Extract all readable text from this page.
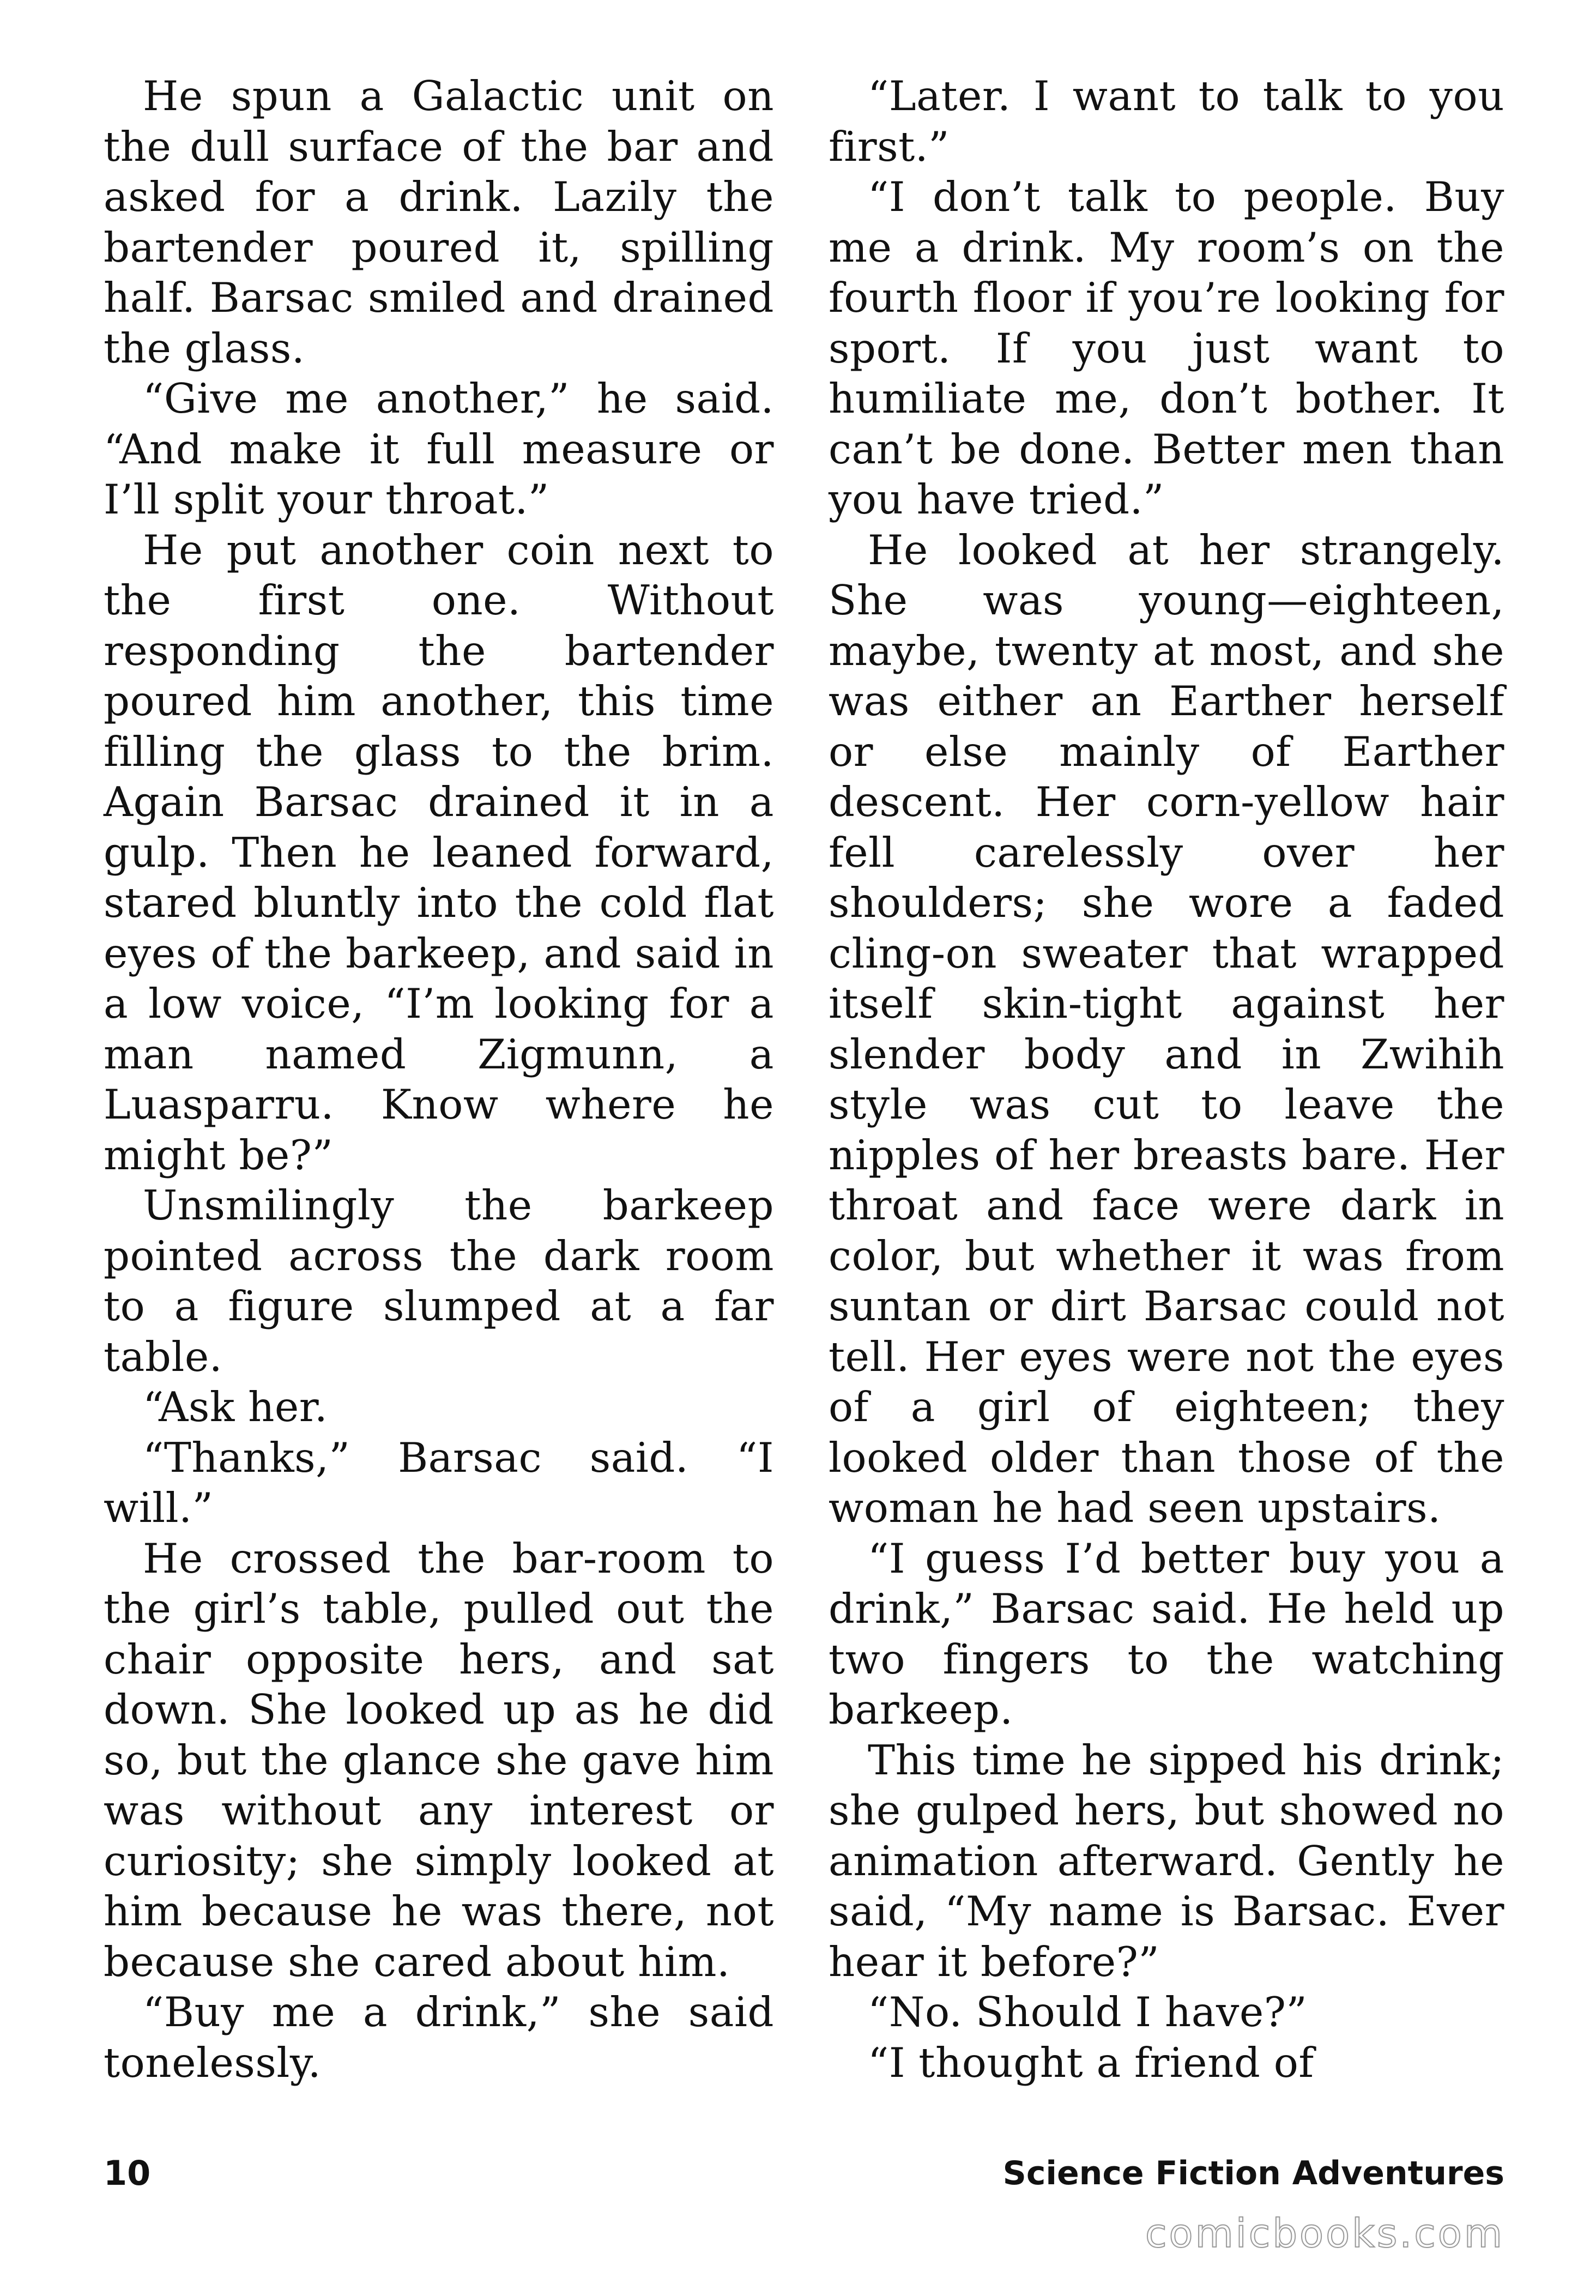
He spun a Galactic unit on the dull surface of the bar and asked for a drink. Lazily the bartender poured it, spilling half. Barsac smiled and drained the glass.

“Give me another,” he said. “And make it full measure or I’ll split your throat.”

He put another coin next to the first one. Without responding the bartender poured him another, this time filling the glass to the brim. Again Barsac drained it in a gulp. Then he leaned forward, stared bluntly into the cold flat eyes of the barkeep, and said in a low voice, “I’m looking for a man named Zigmunn, a Luasparru. Know where he might be?”

Unsmilingly the barkeep pointed across the dark room to a figure slumped at a far table.

“Ask her.

“Thanks,” Barsac said. “I will.”

He crossed the bar-room to the girl’s table, pulled out the chair opposite hers, and sat down. She looked up as he did so, but the glance she gave him was without any interest or curiosity; she simply looked at him because he was there, not because she cared about him.

“Buy me a drink,” she said tonelessly.

“Later. I want to talk to you first.”

“I don’t talk to people. Buy me a drink. My room’s on the fourth floor if you’re looking for sport. If you just want to humiliate me, don’t bother. It can’t be done. Better men than you have tried.”

He looked at her strangely. She was young—eighteen, maybe, twenty at most, and she was either an Earther herself or else mainly of Earther descent. Her corn-yellow hair fell carelessly over her shoulders; she wore a faded cling-on sweater that wrapped itself skin-tight against her slender body and in Zwihih style was cut to leave the nipples of her breasts bare. Her throat and face were dark in color, but whether it was from suntan or dirt Barsac could not tell. Her eyes were not the eyes of a girl of eighteen; they looked older than those of the woman he had seen upstairs.

“I guess I’d better buy you a drink,” Barsac said. He held up two fingers to the watching barkeep.

This time he sipped his drink; she gulped hers, but showed no animation afterward. Gently he said, “My name is Barsac. Ever hear it before?”

“No. Should I have?”

“I thought a friend of

10	Science Fiction Adventures
comicbooks.com
